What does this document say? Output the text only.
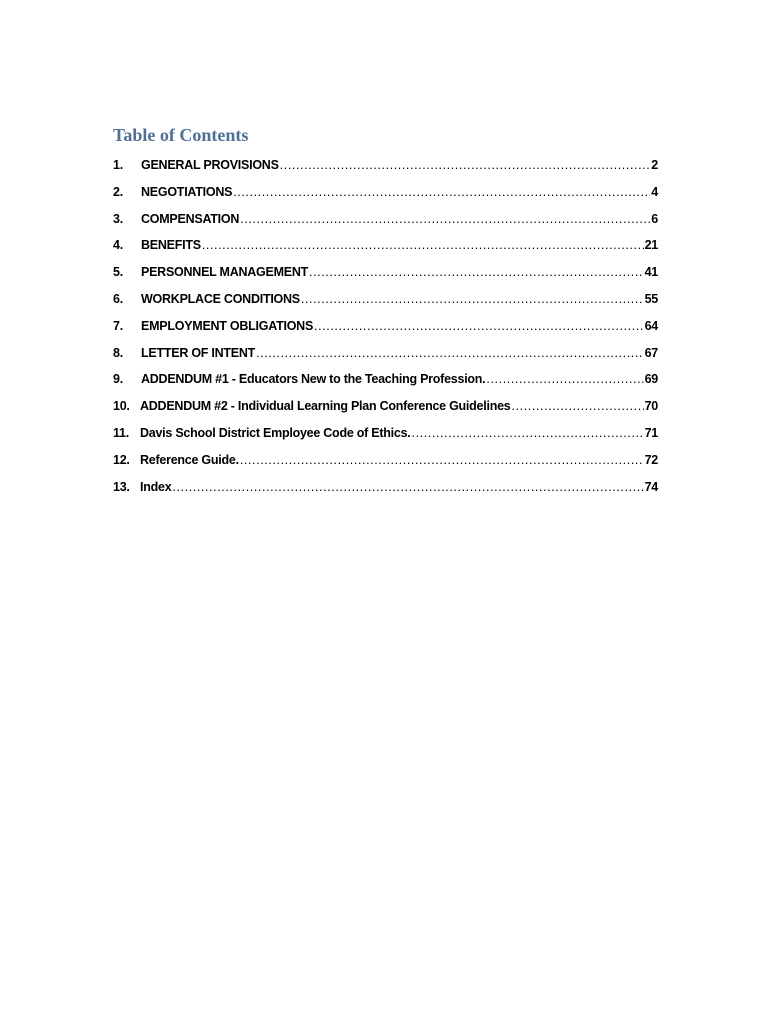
Table of Contents
1.	GENERAL PROVISIONS .....	2
2.	NEGOTIATIONS .....	4
3.	COMPENSATION .....	6
4.	BENEFITS .....	21
5.	PERSONNEL MANAGEMENT .....	41
6.	WORKPLACE CONDITIONS .....	55
7.	EMPLOYMENT OBLIGATIONS .....	64
8.	LETTER OF INTENT .....	67
9.	ADDENDUM #1 - Educators New to the Teaching Profession. .....	69
10. ADDENDUM #2 - Individual Learning Plan Conference Guidelines .....	70
11. Davis School District Employee Code of Ethics. .....	71
12. Reference Guide. .....	72
13. Index .....	74
